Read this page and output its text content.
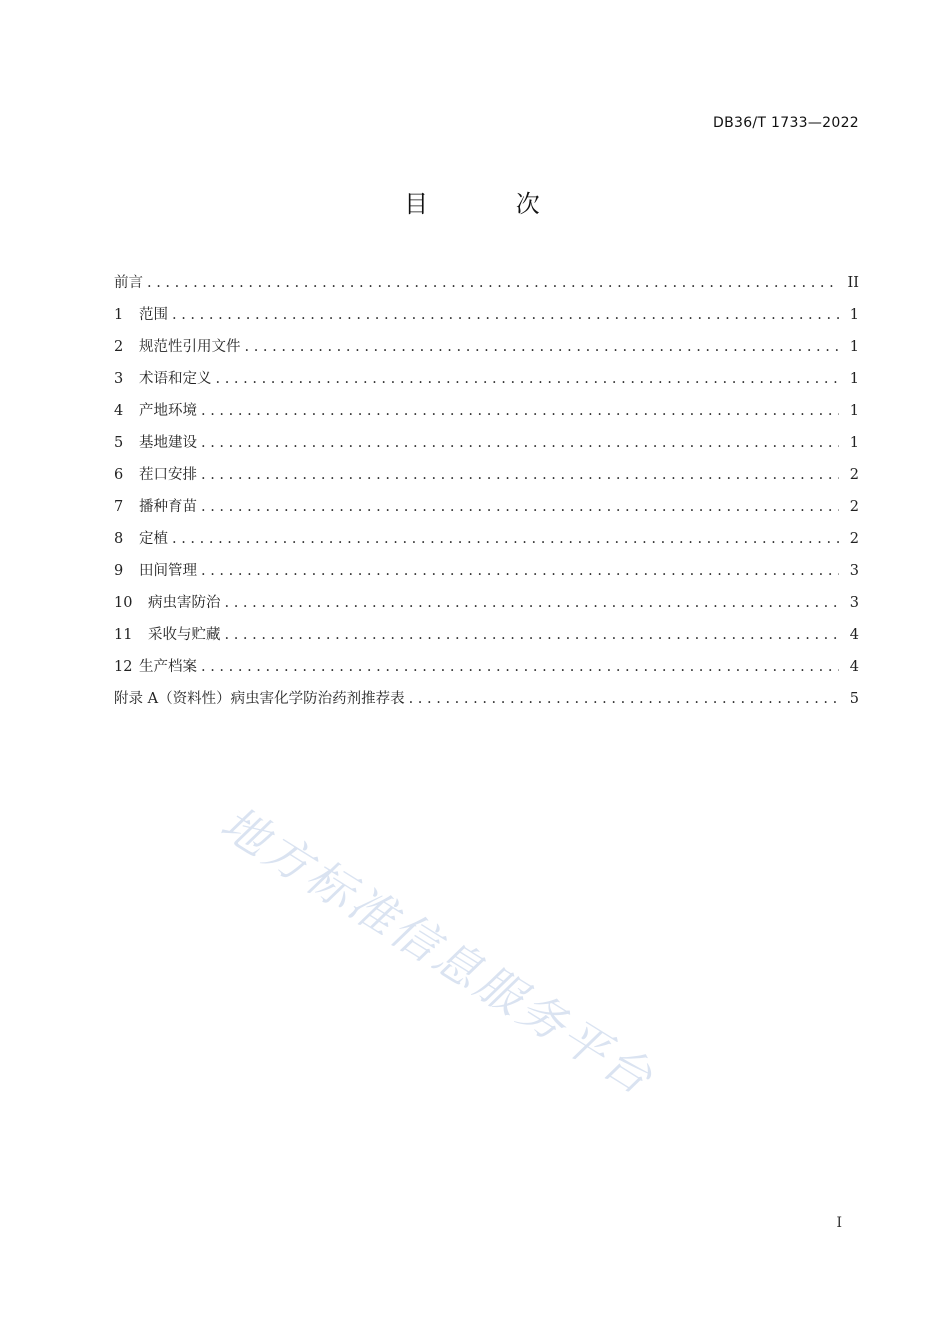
DB36/T 1733—2022
目 次
前言 . . .	II
1	范围 . . .	1
2	规范性引用文件 . . .	1
3	术语和定义 . . .	1
4	产地环境 . . .	1
5	基地建设 . . .	1
6	茬口安排 . . .	2
7	播种育苗 . . .	2
8	定植 . . .	2
9	田间管理 . . .	3
10	病虫害防治 . . .	3
11	采收与贮藏 . . .	4
12 生产档案 . . .	4
附录 A（资料性）病虫害化学防治药剂推荐表 . . .	5
地方标准信息服务平台
I
